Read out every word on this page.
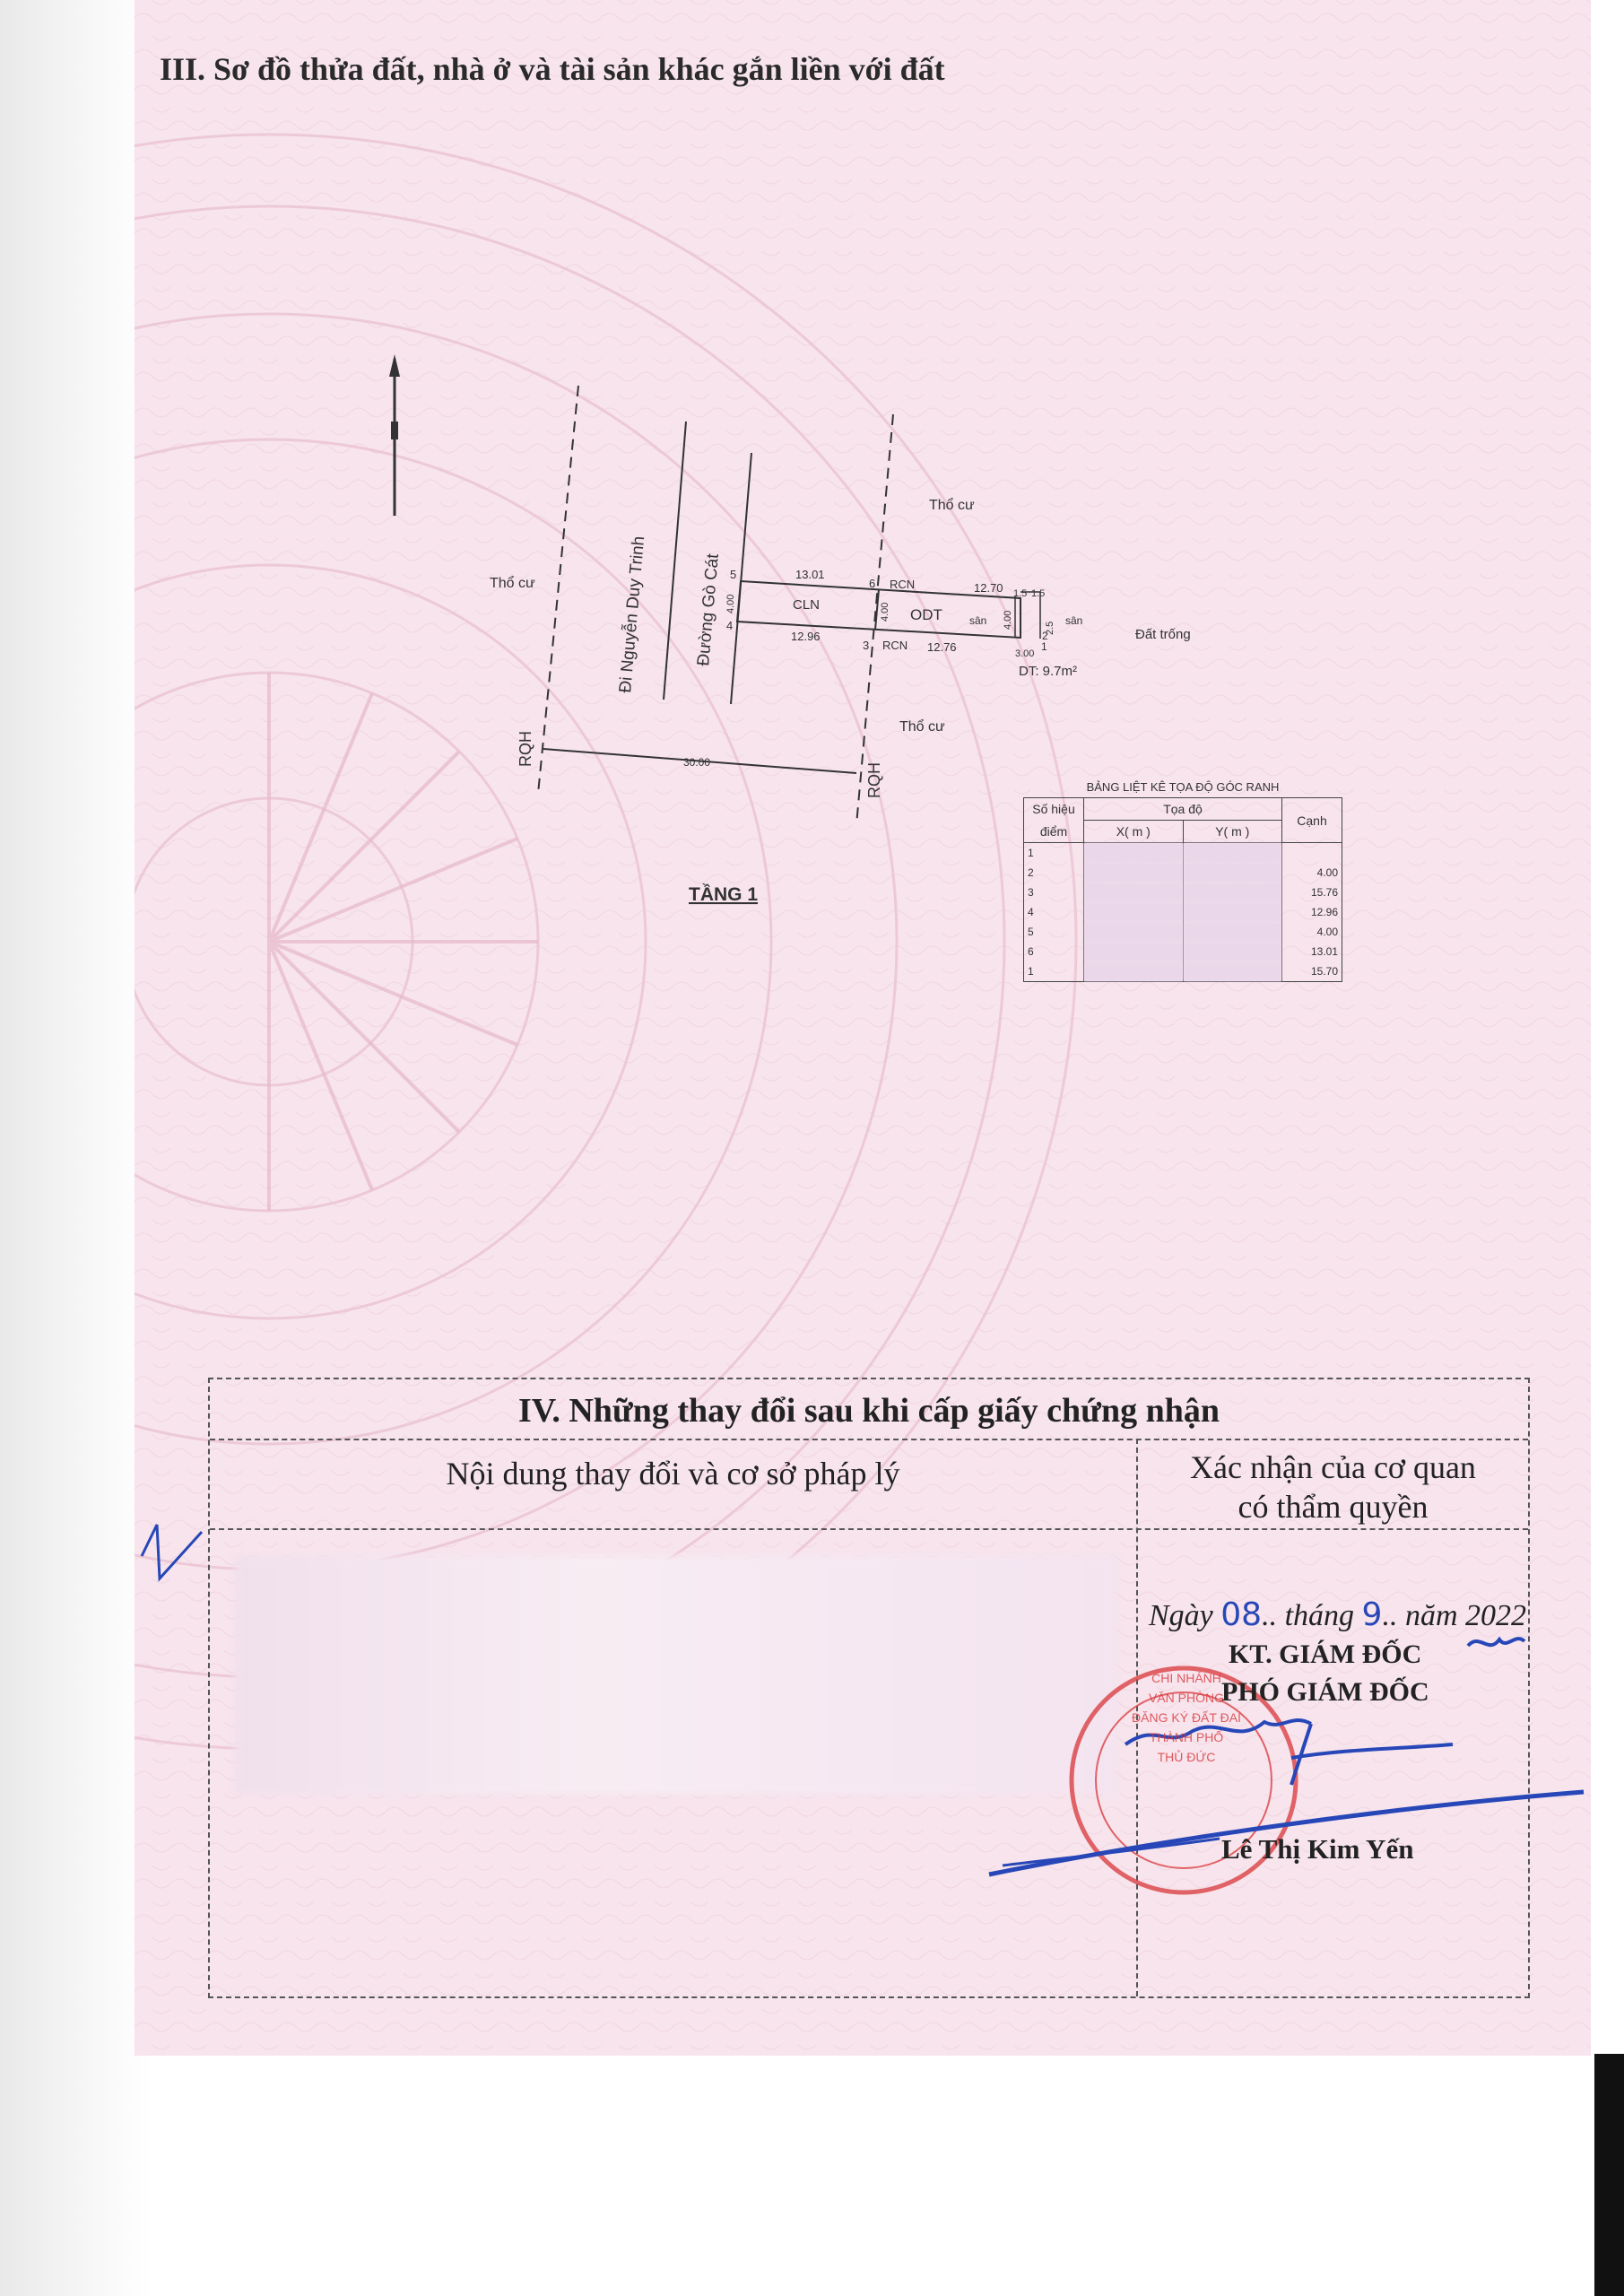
III. Sơ đồ thửa đất, nhà ở và tài sản khác gắn liền với đất
Đi Nguyễn Duy Trinh	Đường Gò Cát
Thổ cư
Thổ cư
Thổ cư
Đất trống
CLN
ODT
RCN
RCN
sân	sân
RQH
RQH
13.01
12.70
12.96
12.76
4.00	4.00	4.00
30.00
1.5 1.5
2.5
3.00
1
2
3
4
5
6
DT: 9.7m²
TẦNG 1
BẢNG LIỆT KÊ TỌA ĐỘ GÓC RANH
Số hiệu	Tọa độ		Cạnh
điểm	X( m )	Y( m )	
1			
2			4.00
3			15.76
4			12.96
5			4.00
6			13.01
1			15.70
IV. Những thay đổi sau khi cấp giấy chứng nhận
Nội dung thay đổi và cơ sở pháp lý	Xác nhận của cơ quan
có thẩm quyền
CHI NHÁNH
VĂN PHÒNG
ĐĂNG KÝ ĐẤT ĐAI
THÀNH PHỐ
THỦ ĐỨC
Ngày 08.. tháng 9.. năm 2022
KT. GIÁM ĐỐC
PHÓ GIÁM ĐỐC
Lê Thị Kim Yến
